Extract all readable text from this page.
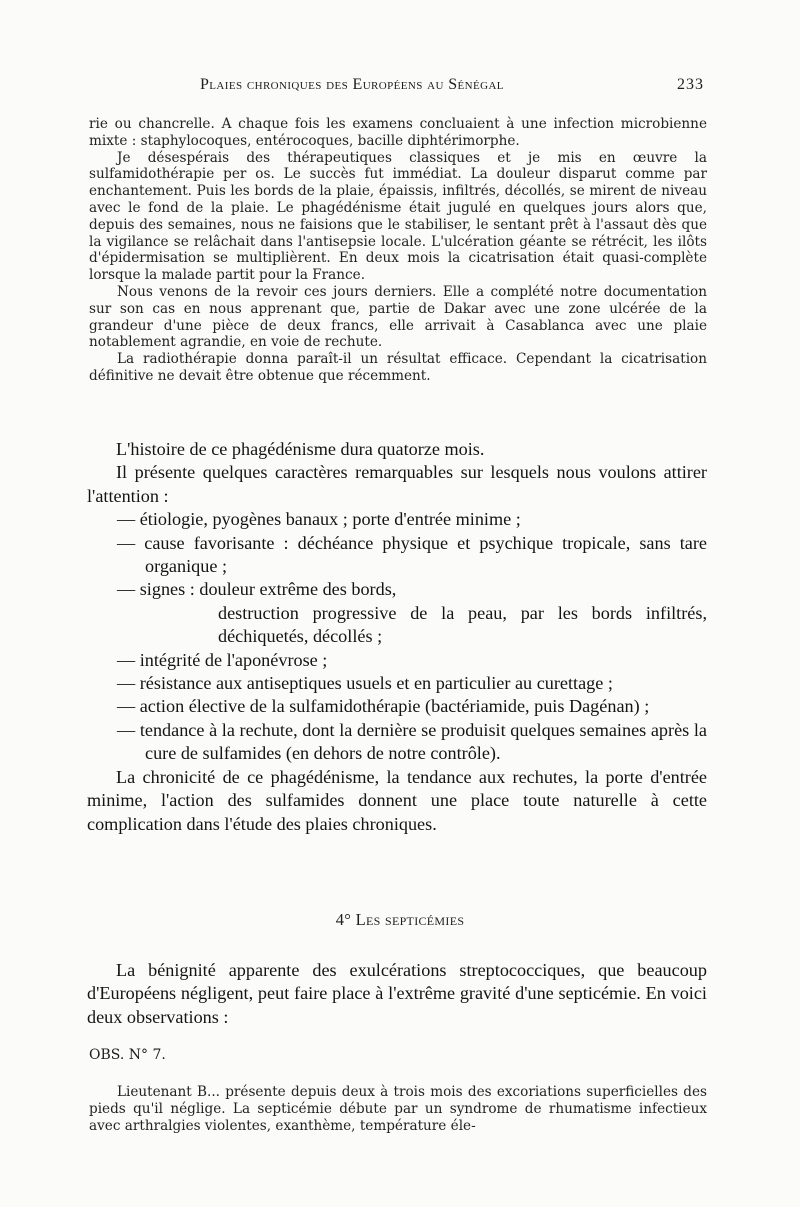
Plaies chroniques des Européens au Sénégal	233

rie ou chancrelle. A chaque fois les examens concluaient à une infection microbienne mixte : staphylocoques, entérocoques, bacille diphtérimorphe.

Je désespérais des thérapeutiques classiques et je mis en œuvre la sulfamidothérapie per os. Le succès fut immédiat. La douleur disparut comme par enchantement. Puis les bords de la plaie, épaissis, infiltrés, décollés, se mirent de niveau avec le fond de la plaie. Le phagédénisme était jugulé en quelques jours alors que, depuis des semaines, nous ne faisions que le stabiliser, le sentant prêt à l'assaut dès que la vigilance se relâchait dans l'antisepsie locale. L'ulcération géante se rétrécit, les ilôts d'épidermisation se multiplièrent. En deux mois la cicatrisation était quasi-complète lorsque la malade partit pour la France.

Nous venons de la revoir ces jours derniers. Elle a complété notre documentation sur son cas en nous apprenant que, partie de Dakar avec une zone ulcérée de la grandeur d'une pièce de deux francs, elle arrivait à Casablanca avec une plaie notablement agrandie, en voie de rechute.

La radiothérapie donna paraît-il un résultat efficace. Cependant la cicatrisation définitive ne devait être obtenue que récemment.

L'histoire de ce phagédénisme dura quatorze mois.

Il présente quelques caractères remarquables sur lesquels nous voulons attirer l'attention :

— étiologie, pyogènes banaux ; porte d'entrée minime ;

— cause favorisante : déchéance physique et psychique tropicale, sans tare organique ;

— signes : douleur extrême des bords,

destruction progressive de la peau, par les bords infiltrés, déchiquetés, décollés ;

— intégrité de l'aponévrose ;

— résistance aux antiseptiques usuels et en particulier au curettage ;

— action élective de la sulfamidothérapie (bactériamide, puis Dagénan) ;

— tendance à la rechute, dont la dernière se produisit quelques semaines après la cure de sulfamides (en dehors de notre contrôle).

La chronicité de ce phagédénisme, la tendance aux rechutes, la porte d'entrée minime, l'action des sulfamides donnent une place toute naturelle à cette complication dans l'étude des plaies chroniques.

4° Les septicémies

La bénignité apparente des exulcérations streptococciques, que beaucoup d'Européens négligent, peut faire place à l'extrême gravité d'une septicémie. En voici deux observations :

OBS. N° 7.

Lieutenant B... présente depuis deux à trois mois des excoriations superficielles des pieds qu'il néglige. La septicémie débute par un syndrome de rhumatisme infectieux avec arthralgies violentes, exanthème, température éle-
